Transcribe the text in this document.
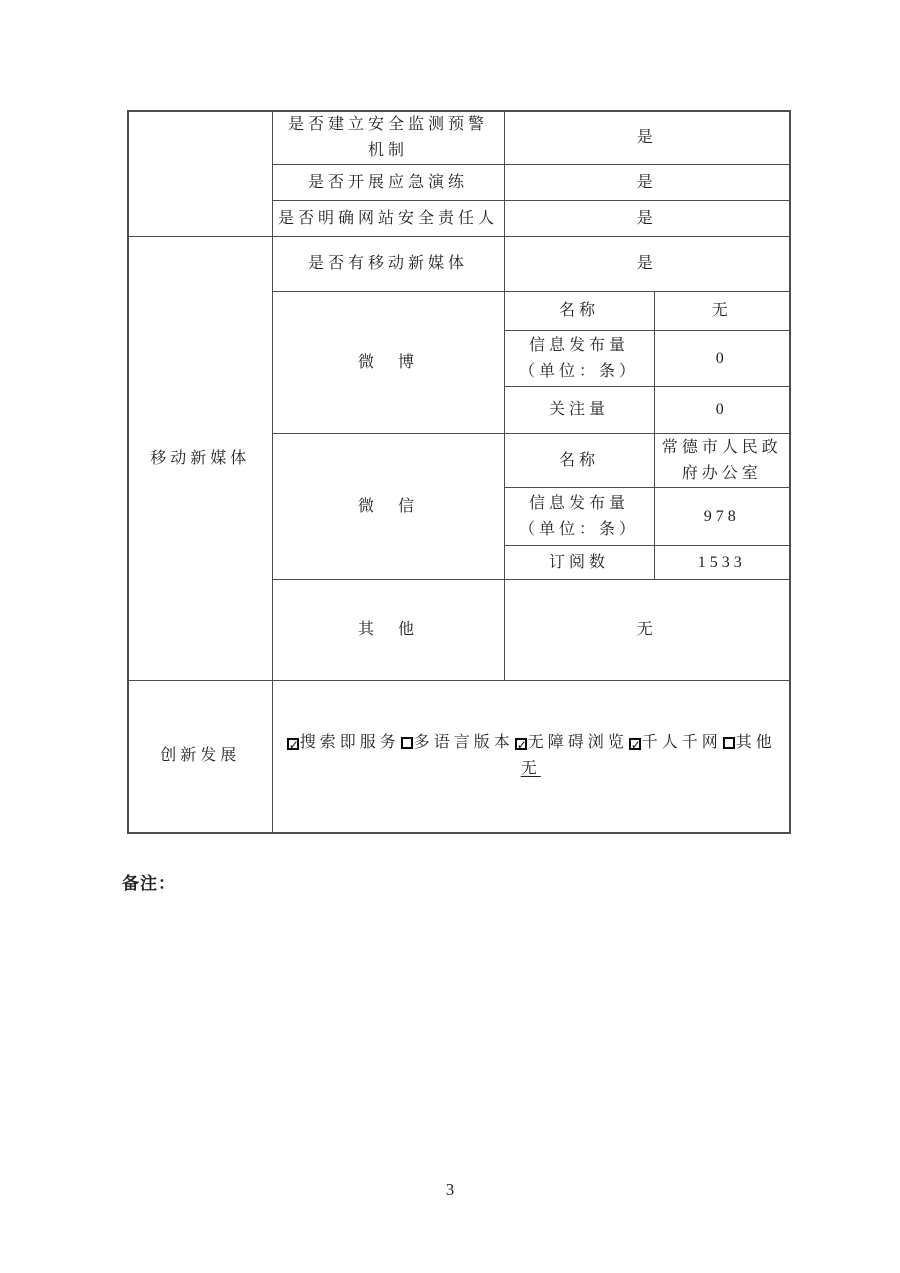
	是否建立安全监测预警
机制	是	
	是否开展应急演练	是	
	是否明确网站安全责任人	是	
移动新媒体	是否有移动新媒体	是	
	微　博	名称	无

		信息发布量
（单位：条）	0
		关注量	0
	微　信	名称	常德市人民政府办公室

		信息发布量
（单位：条）	978
		订阅数	1533
	其　他	无	
创新发展	✓搜索即服务 多语言版本 ✓无障碍浏览 ✓千人千网 其他
无		
备注：
3
